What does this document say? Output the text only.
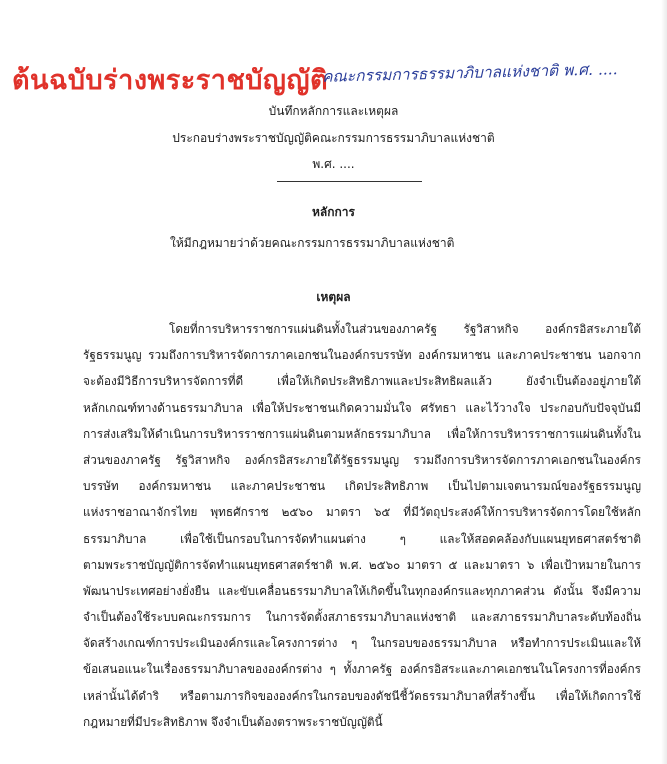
ต้นฉบับร่างพระราชบัญญัติ
คณะกรรมการธรรมาภิบาลแห่งชาติ พ.ศ. ....
บันทึกหลักการและเหตุผล
ประกอบร่างพระราชบัญญัติคณะกรรมการธรรมาภิบาลแห่งชาติ
พ.ศ. ....
หลักการ
ให้มีกฎหมายว่าด้วยคณะกรรมการธรรมาภิบาลแห่งชาติ
เหตุผล
โดยที่การบริหารราชการแผ่นดินทั้งในส่วนของภาครัฐ รัฐวิสาหกิจ องค์กรอิสระภายใต้
รัฐธรรมนูญ รวมถึงการบริหารจัดการภาคเอกชนในองค์กรบรรษัท องค์กรมหาชน และภาคประชาชน นอกจาก
จะต้องมีวิธีการบริหารจัดการที่ดี เพื่อให้เกิดประสิทธิภาพและประสิทธิผลแล้ว ยังจำเป็นต้องอยู่ภายใต้
หลักเกณฑ์ทางด้านธรรมาภิบาล เพื่อให้ประชาชนเกิดความมั่นใจ ศรัทธา และไว้วางใจ ประกอบกับปัจจุบันมี
การส่งเสริมให้ดำเนินการบริหารราชการแผ่นดินตามหลักธรรมาภิบาล เพื่อให้การบริหารราชการแผ่นดินทั้งใน
ส่วนของภาครัฐ รัฐวิสาหกิจ องค์กรอิสระภายใต้รัฐธรรมนูญ รวมถึงการบริหารจัดการภาคเอกชนในองค์กร
บรรษัท องค์กรมหาชน และภาคประชาชน เกิดประสิทธิภาพ เป็นไปตามเจตนารมณ์ของรัฐธรรมนูญ
แห่งราชอาณาจักรไทย พุทธศักราช ๒๕๖๐ มาตรา ๖๕ ที่มีวัตถุประสงค์ให้การบริหารจัดการโดยใช้หลัก
ธรรมาภิบาล เพื่อใช้เป็นกรอบในการจัดทำแผนต่าง ๆ และให้สอดคล้องกับแผนยุทธศาสตร์ชาติ
ตามพระราชบัญญัติการจัดทำแผนยุทธศาสตร์ชาติ พ.ศ. ๒๕๖๐ มาตรา ๕ และมาตรา ๖ เพื่อเป้าหมายในการ
พัฒนาประเทศอย่างยั่งยืน และขับเคลื่อนธรรมาภิบาลให้เกิดขึ้นในทุกองค์กรและทุกภาคส่วน ดังนั้น จึงมีความ
จำเป็นต้องใช้ระบบคณะกรรมการ ในการจัดตั้งสภาธรรมาภิบาลแห่งชาติ และสภาธรรมาภิบาลระดับท้องถิ่น
จัดสร้างเกณฑ์การประเมินองค์กรและโครงการต่าง ๆ ในกรอบของธรรมาภิบาล หรือทำการประเมินและให้
ข้อเสนอแนะในเรื่องธรรมาภิบาลขององค์กรต่าง ๆ ทั้งภาครัฐ องค์กรอิสระและภาคเอกชนในโครงการที่องค์กร
เหล่านั้นได้ดำริ หรือตามภารกิจขององค์กรในกรอบของดัชนีชี้วัดธรรมาภิบาลที่สร้างขึ้น เพื่อให้เกิดการใช้
กฎหมายที่มีประสิทธิภาพ จึงจำเป็นต้องตราพระราชบัญญัตินี้
